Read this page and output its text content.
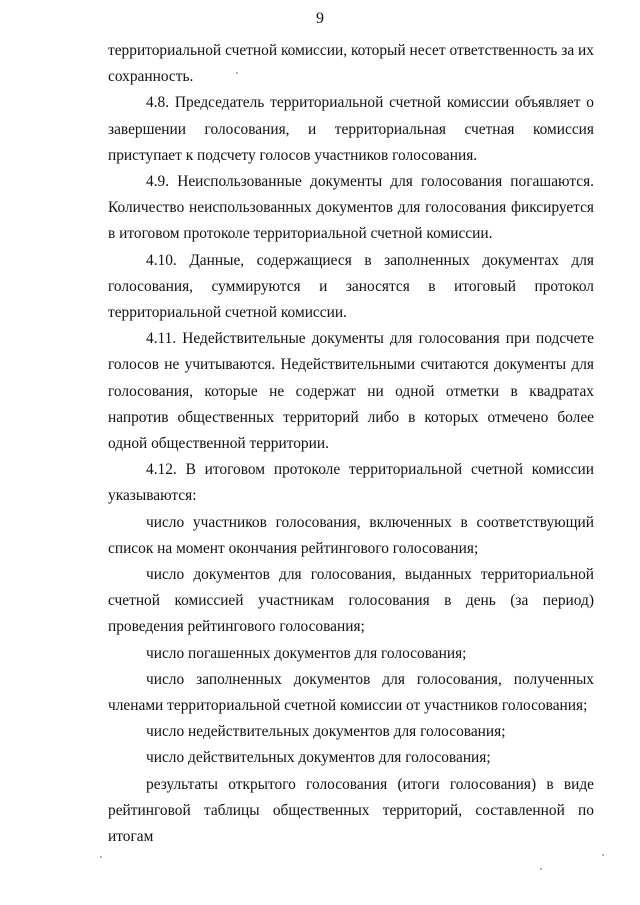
9

территориальной счетной комиссии, который несет ответственность за их сохранность.

4.8. Председатель территориальной счетной комиссии объявляет о завершении голосования, и территориальная счетная комиссия приступает к подсчету голосов участников голосования.

4.9. Неиспользованные документы для голосования погашаются. Количество неиспользованных документов для голосования фиксируется в итоговом протоколе территориальной счетной комиссии.

4.10. Данные, содержащиеся в заполненных документах для голосования, суммируются и заносятся в итоговый протокол территориальной счетной комиссии.

4.11. Недействительные документы для голосования при подсчете голосов не учитываются. Недействительными считаются документы для голосования, которые не содержат ни одной отметки в квадратах напротив общественных территорий либо в которых отмечено более одной общественной территории.

4.12. В итоговом протоколе территориальной счетной комиссии указываются:

число участников голосования, включенных в соответствующий список на момент окончания рейтингового голосования;

число документов для голосования, выданных территориальной счетной комиссией участникам голосования в день (за период) проведения рейтингового голосования;

число погашенных документов для голосования;

число заполненных документов для голосования, полученных членами территориальной счетной комиссии от участников голосования;

число недействительных документов для голосования;

число действительных документов для голосования;

результаты открытого голосования (итоги голосования) в виде рейтинговой таблицы общественных территорий, составленной по итогам
